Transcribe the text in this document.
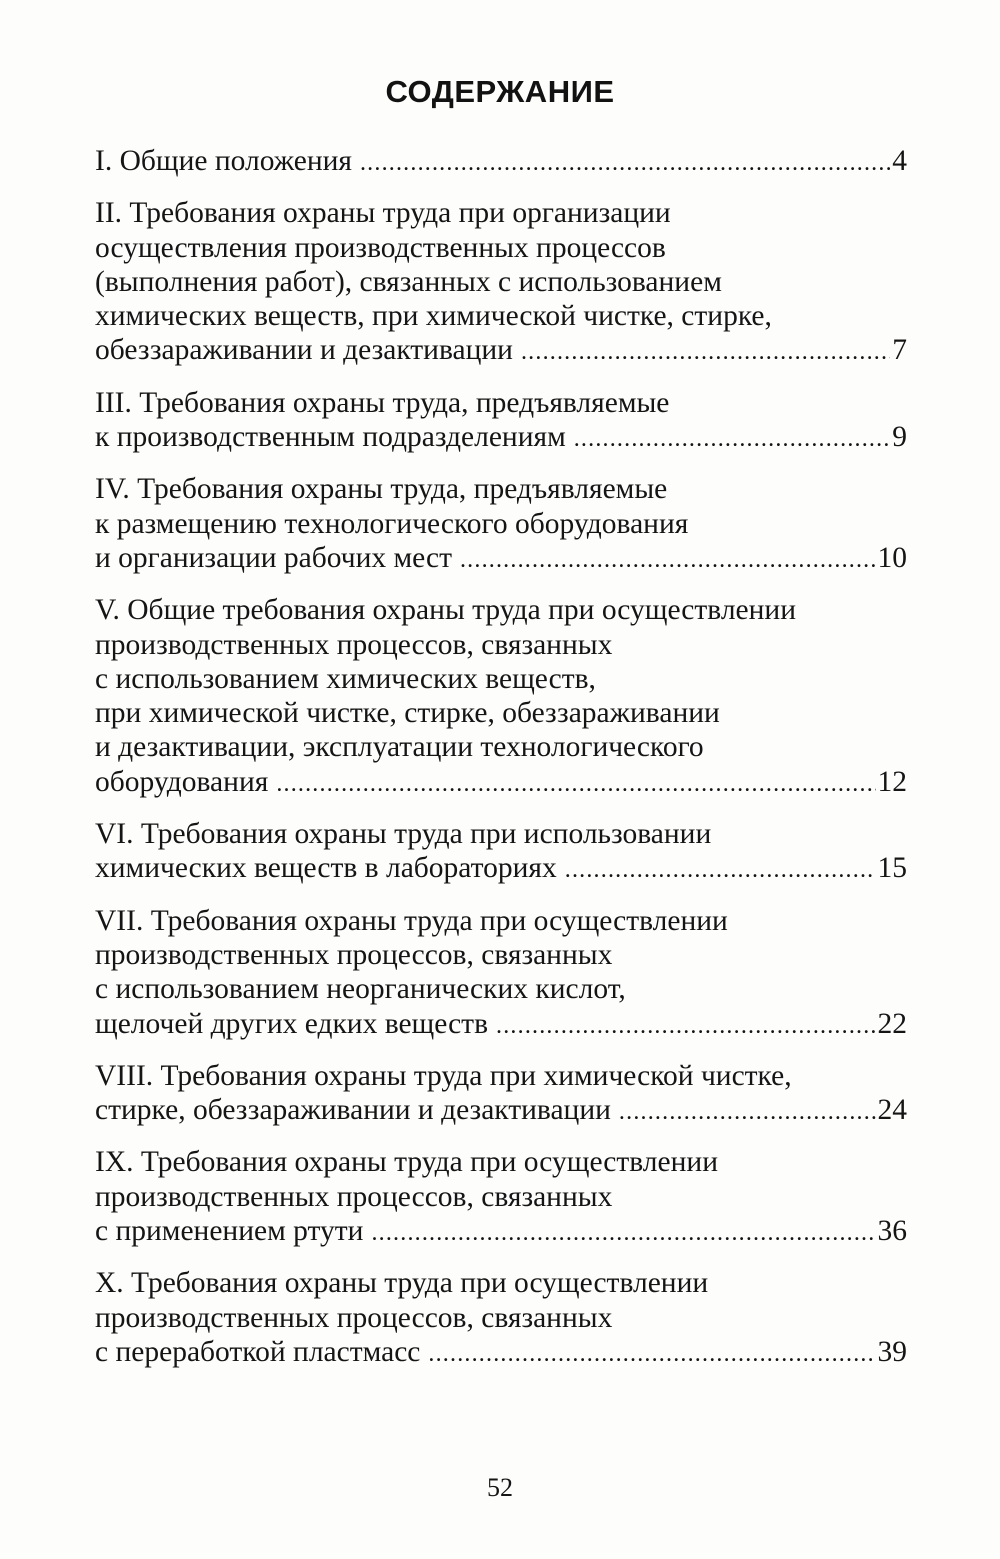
СОДЕРЖАНИЕ
I. Общие положения .....	4
II. Требования охраны труда при организации
осуществления производственных процессов
(выполнения работ), связанных с использованием
химических веществ, при химической чистке, стирке,
обеззараживании и дезактивации .....	7
III. Требования охраны труда, предъявляемые
к производственным подразделениям .....	9
IV. Требования охраны труда, предъявляемые
к размещению технологического оборудования
и организации рабочих мест .....	10
V. Общие требования охраны труда при осуществлении
производственных процессов, связанных
с использованием химических веществ,
при химической чистке, стирке, обеззараживании
и дезактивации, эксплуатации технологического
оборудования .....	12
VI. Требования охраны труда при использовании
химических веществ в лабораториях .....	15
VII. Требования охраны труда при осуществлении
производственных процессов, связанных
с использованием неорганических кислот,
щелочей других едких веществ .....	22
VIII. Требования охраны труда при химической чистке,
стирке, обеззараживании и дезактивации .....	24
IX. Требования охраны труда при осуществлении
производственных процессов, связанных
с применением ртути .....	36
X. Требования охраны труда при осуществлении
производственных процессов, связанных
с переработкой пластмасс .....	39
52
